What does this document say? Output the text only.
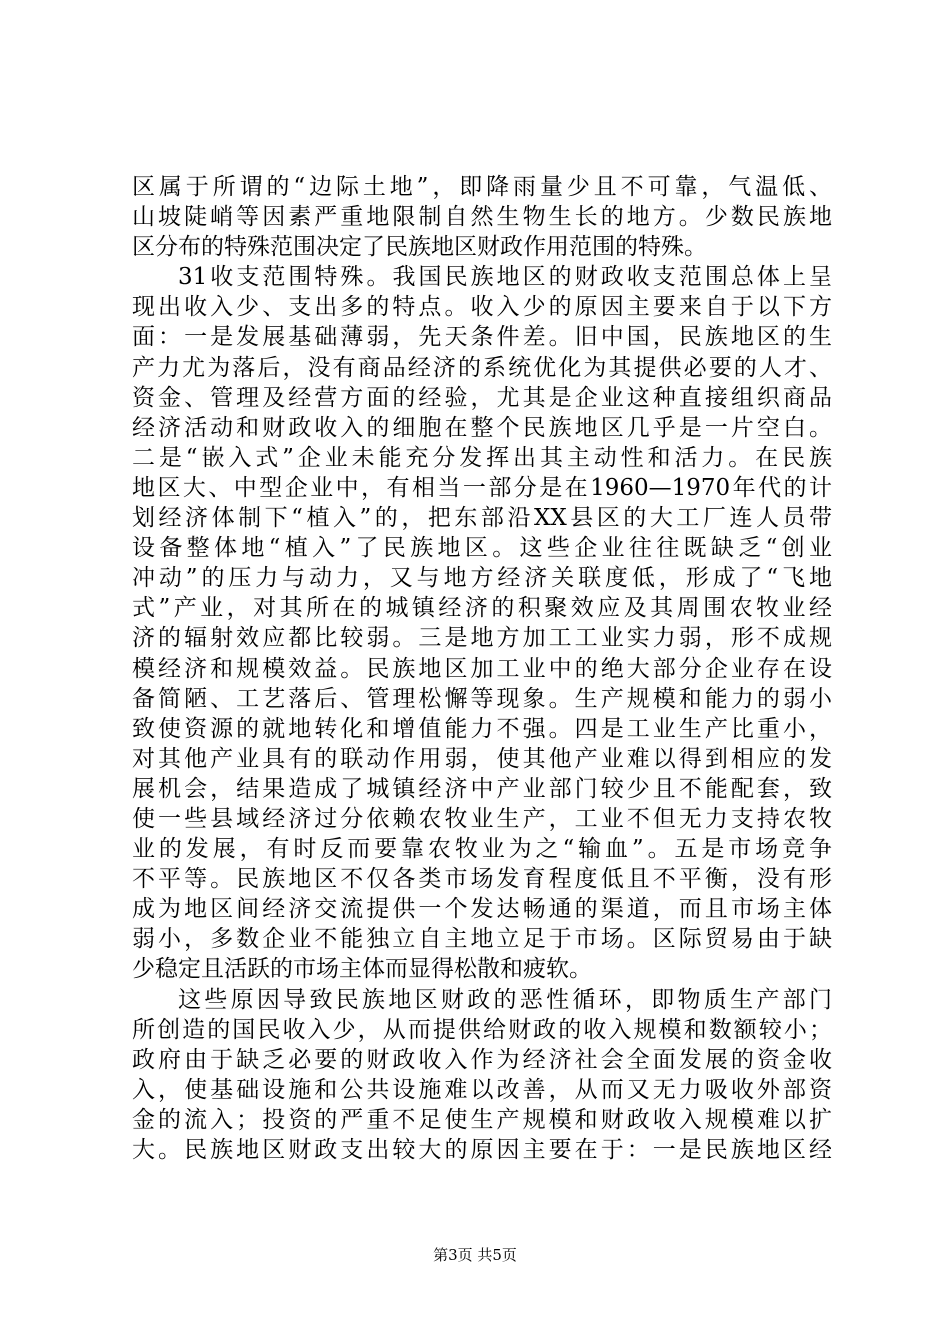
区属于所谓的“边际土地”，即降雨量少且不可靠，气温低、
山坡陡峭等因素严重地限制自然生物生长的地方。少数民族地
区分布的特殊范围决定了民族地区财政作用范围的特殊。
31收支范围特殊。我国民族地区的财政收支范围总体上呈
现出收入少、支出多的特点。收入少的原因主要来自于以下方
面：一是发展基础薄弱，先天条件差。旧中国，民族地区的生
产力尤为落后，没有商品经济的系统优化为其提供必要的人才、
资金、管理及经营方面的经验，尤其是企业这种直接组织商品
经济活动和财政收入的细胞在整个民族地区几乎是一片空白。
二是“嵌入式”企业未能充分发挥出其主动性和活力。在民族
地区大、中型企业中，有相当一部分是在1960—1970年代的计
划经济体制下“植入”的，把东部沿XX县区的大工厂连人员带
设备整体地“植入”了民族地区。这些企业往往既缺乏“创业
冲动”的压力与动力，又与地方经济关联度低，形成了“飞地
式”产业，对其所在的城镇经济的积聚效应及其周围农牧业经
济的辐射效应都比较弱。三是地方加工工业实力弱，形不成规
模经济和规模效益。民族地区加工业中的绝大部分企业存在设
备简陋、工艺落后、管理松懈等现象。生产规模和能力的弱小
致使资源的就地转化和增值能力不强。四是工业生产比重小，
对其他产业具有的联动作用弱，使其他产业难以得到相应的发
展机会，结果造成了城镇经济中产业部门较少且不能配套，致
使一些县域经济过分依赖农牧业生产，工业不但无力支持农牧
业的发展，有时反而要靠农牧业为之“输血”。五是市场竞争
不平等。民族地区不仅各类市场发育程度低且不平衡，没有形
成为地区间经济交流提供一个发达畅通的渠道，而且市场主体
弱小，多数企业不能独立自主地立足于市场。区际贸易由于缺
少稳定且活跃的市场主体而显得松散和疲软。
这些原因导致民族地区财政的恶性循环，即物质生产部门
所创造的国民收入少，从而提供给财政的收入规模和数额较小；
政府由于缺乏必要的财政收入作为经济社会全面发展的资金收
入，使基础设施和公共设施难以改善，从而又无力吸收外部资
金的流入；投资的严重不足使生产规模和财政收入规模难以扩
大。民族地区财政支出较大的原因主要在于：一是民族地区经
第3页 共5页
